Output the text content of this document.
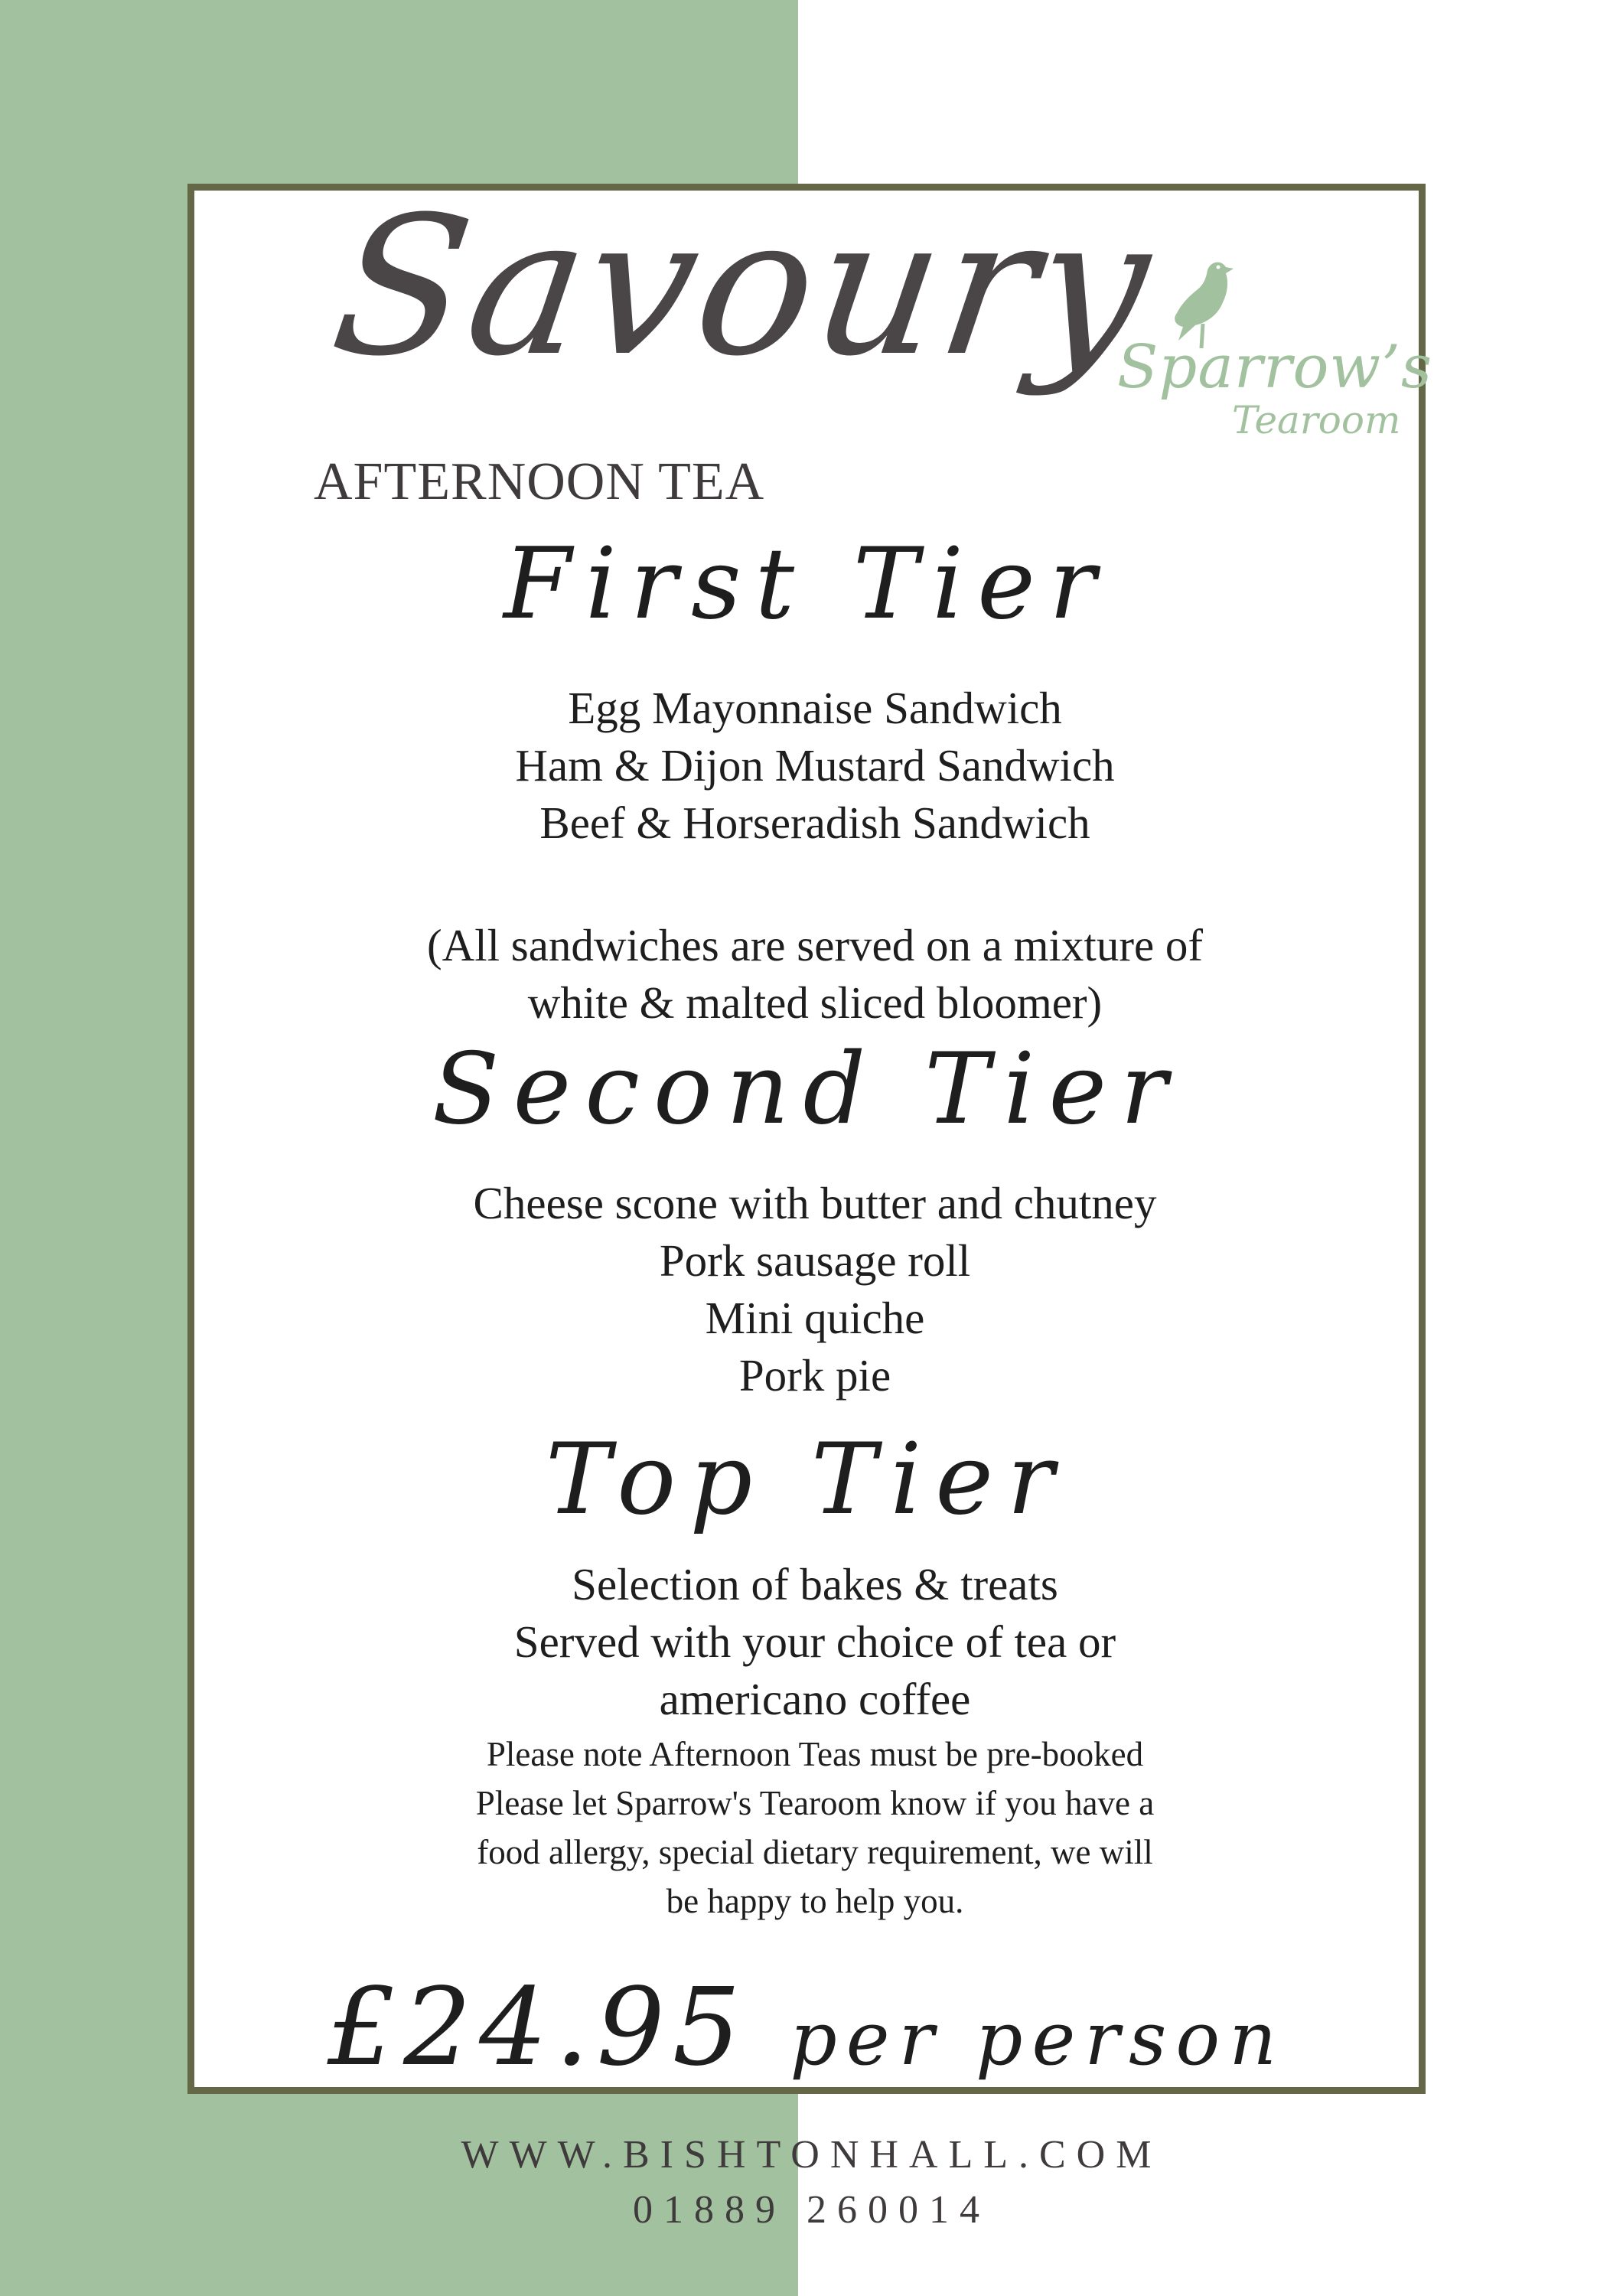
Savoury
AFTERNOON TEA
Sparrow’s
Tearoom
First Tier
Egg Mayonnaise Sandwich
Ham & Dijon Mustard Sandwich
Beef & Horseradish Sandwich
(All sandwiches are served on a mixture of
white & malted sliced bloomer)
Second Tier
Cheese scone with butter and chutney
Pork sausage roll
Mini quiche
Pork pie
Top Tier
Selection of bakes & treats
Served with your choice of tea or
americano coffee
Please note Afternoon Teas must be pre-booked
Please let Sparrow's Tearoom know if you have a
food allergy, special dietary requirement, we will
be happy to help you.
£24.95 per person
WWW.BISHTONHALL.COM
01889 260014
